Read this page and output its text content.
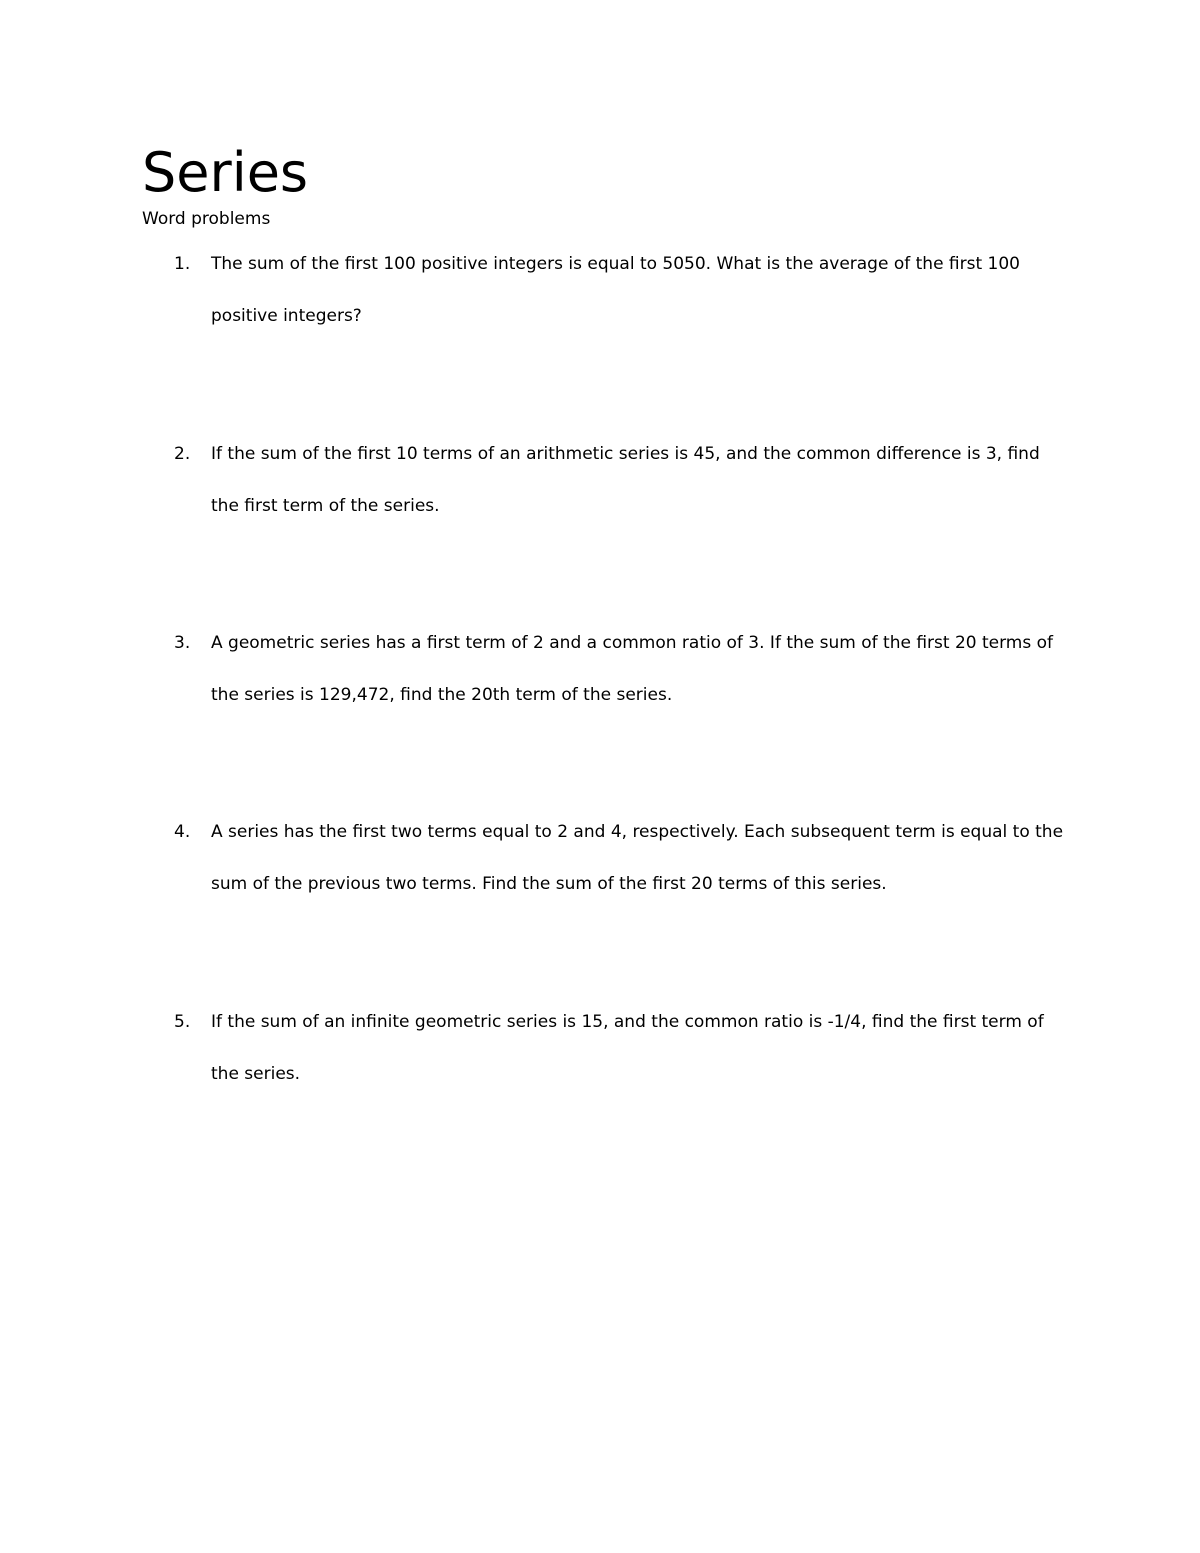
Series

Word problems

1. The sum of the first 100 positive integers is equal to 5050. What is the average of the first 100 positive integers?
2. If the sum of the first 10 terms of an arithmetic series is 45, and the common difference is 3, find the first term of the series.
3. A geometric series has a first term of 2 and a common ratio of 3. If the sum of the first 20 terms of the series is 129,472, find the 20th term of the series.
4. A series has the first two terms equal to 2 and 4, respectively. Each subsequent term is equal to the sum of the previous two terms. Find the sum of the first 20 terms of this series.
5. If the sum of an infinite geometric series is 15, and the common ratio is -1/4, find the first term of the series.
